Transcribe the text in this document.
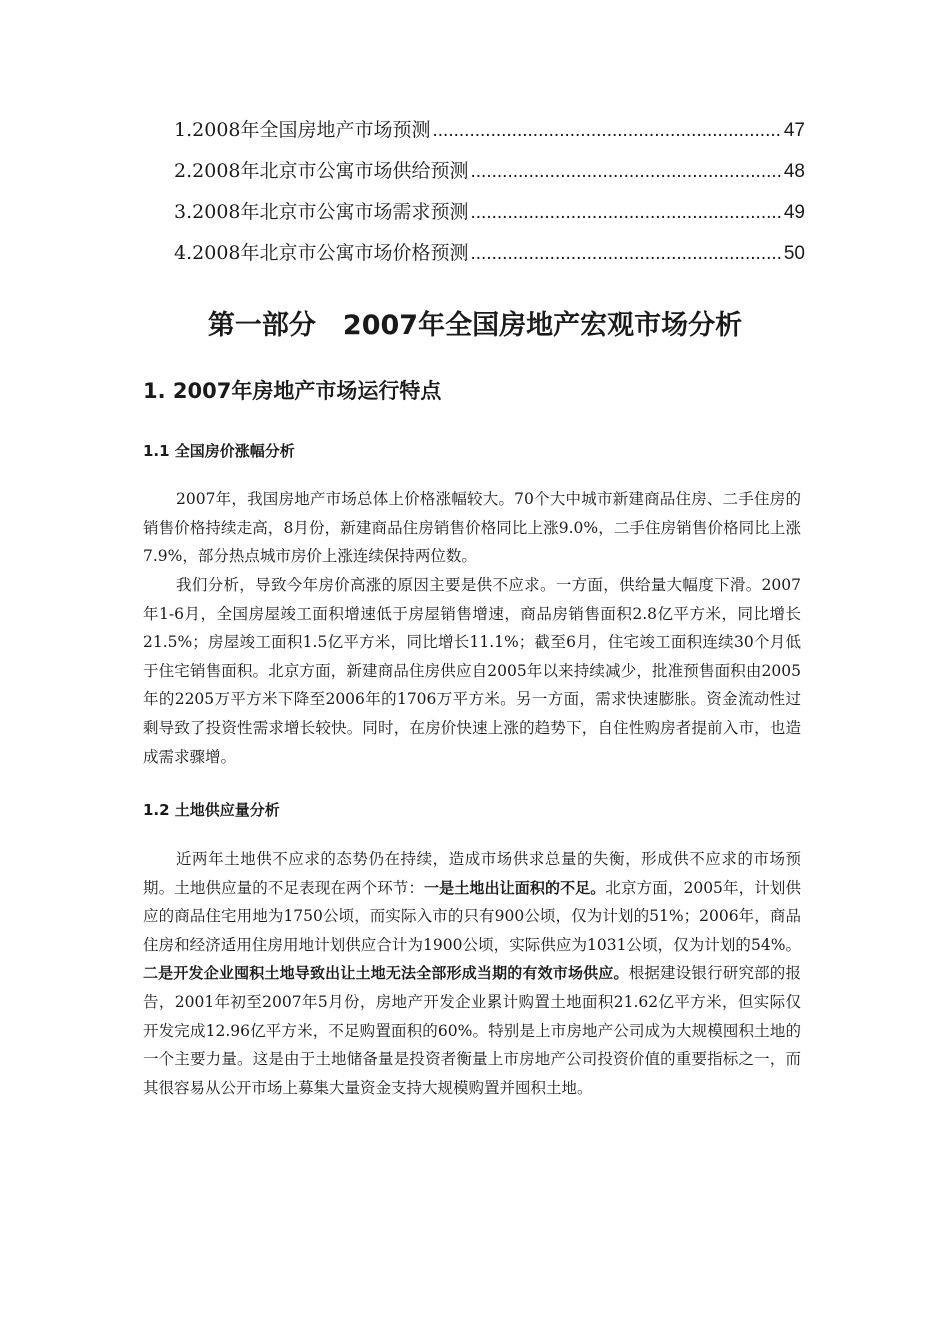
1. 2008年全国房地产市场预测 .....	47
2. 2008年北京市公寓市场供给预测 .....	48
3. 2008年北京市公寓市场需求预测 .....	49
4. 2008年北京市公寓市场价格预测 .....	50
第一部分　2007年全国房地产宏观市场分析
1. 2007年房地产市场运行特点
1.1 全国房价涨幅分析

2007年，我国房地产市场总体上价格涨幅较大。70个大中城市新建商品住房、二手住房的销售价格持续走高，8月份，新建商品住房销售价格同比上涨9.0%，二手住房销售价格同比上涨7.9%，部分热点城市房价上涨连续保持两位数。

我们分析，导致今年房价高涨的原因主要是供不应求。一方面，供给量大幅度下滑。2007年1-6月，全国房屋竣工面积增速低于房屋销售增速，商品房销售面积2.8亿平方米，同比增长21.5%；房屋竣工面积1.5亿平方米，同比增长11.1%；截至6月，住宅竣工面积连续30个月低于住宅销售面积。北京方面，新建商品住房供应自2005年以来持续减少，批准预售面积由2005年的2205万平方米下降至2006年的1706万平方米。另一方面，需求快速膨胀。资金流动性过剩导致了投资性需求增长较快。同时，在房价快速上涨的趋势下，自住性购房者提前入市，也造成需求骤增。

1.2 土地供应量分析

近两年土地供不应求的态势仍在持续，造成市场供求总量的失衡，形成供不应求的市场预期。土地供应量的不足表现在两个环节：一是土地出让面积的不足。北京方面，2005年，计划供应的商品住宅用地为1750公顷，而实际入市的只有900公顷，仅为计划的51%；2006年，商品住房和经济适用住房用地计划供应合计为1900公顷，实际供应为1031公顷，仅为计划的54%。二是开发企业囤积土地导致出让土地无法全部形成当期的有效市场供应。根据建设银行研究部的报告，2001年初至2007年5月份，房地产开发企业累计购置土地面积21.62亿平方米，但实际仅开发完成12.96亿平方米，不足购置面积的60%。特别是上市房地产公司成为大规模囤积土地的一个主要力量。这是由于土地储备量是投资者衡量上市房地产公司投资价值的重要指标之一，而其很容易从公开市场上募集大量资金支持大规模购置并囤积土地。
